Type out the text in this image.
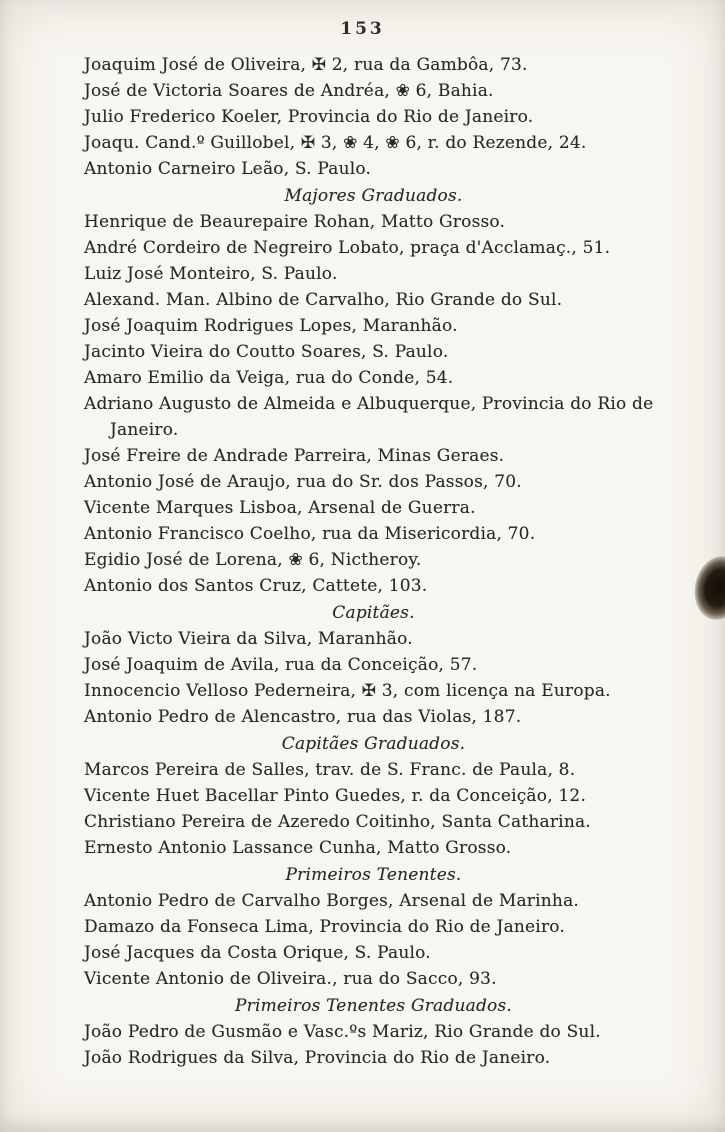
153
Joaquim José de Oliveira, ✠ 2, rua da Gambôa, 73.
José de Victoria Soares de Andréa, ❀ 6, Bahia.
Julio Frederico Koeler, Provincia do Rio de Janeiro.
Joaqu. Cand.º Guillobel, ✠ 3, ❀ 4, ❀ 6, r. do Rezende, 24.
Antonio Carneiro Leão, S. Paulo.
Majores Graduados.
Henrique de Beaurepaire Rohan, Matto Grosso.
André Cordeiro de Negreiro Lobato, praça d'Acclamaç., 51.
Luiz José Monteiro, S. Paulo.
Alexand. Man. Albino de Carvalho, Rio Grande do Sul.
José Joaquim Rodrigues Lopes, Maranhão.
Jacinto Vieira do Coutto Soares, S. Paulo.
Amaro Emilio da Veiga, rua do Conde, 54.
Adriano Augusto de Almeida e Albuquerque, Provincia do Rio de Janeiro.
José Freire de Andrade Parreira, Minas Geraes.
Antonio José de Araujo, rua do Sr. dos Passos, 70.
Vicente Marques Lisboa, Arsenal de Guerra.
Antonio Francisco Coelho, rua da Misericordia, 70.
Egidio José de Lorena, ❀ 6, Nictheroy.
Antonio dos Santos Cruz, Cattete, 103.
Capitães.
João Victo Vieira da Silva, Maranhão.
José Joaquim de Avila, rua da Conceição, 57.
Innocencio Velloso Pederneira, ✠ 3, com licença na Europa.
Antonio Pedro de Alencastro, rua das Violas, 187.
Capitães Graduados.
Marcos Pereira de Salles, trav. de S. Franc. de Paula, 8.
Vicente Huet Bacellar Pinto Guedes, r. da Conceição, 12.
Christiano Pereira de Azeredo Coitinho, Santa Catharina.
Ernesto Antonio Lassance Cunha, Matto Grosso.
Primeiros Tenentes.
Antonio Pedro de Carvalho Borges, Arsenal de Marinha.
Damazo da Fonseca Lima, Provincia do Rio de Janeiro.
José Jacques da Costa Orique, S. Paulo.
Vicente Antonio de Oliveira., rua do Sacco, 93.
Primeiros Tenentes Graduados.
João Pedro de Gusmão e Vasc.ºs Mariz, Rio Grande do Sul.
João Rodrigues da Silva, Provincia do Rio de Janeiro.
